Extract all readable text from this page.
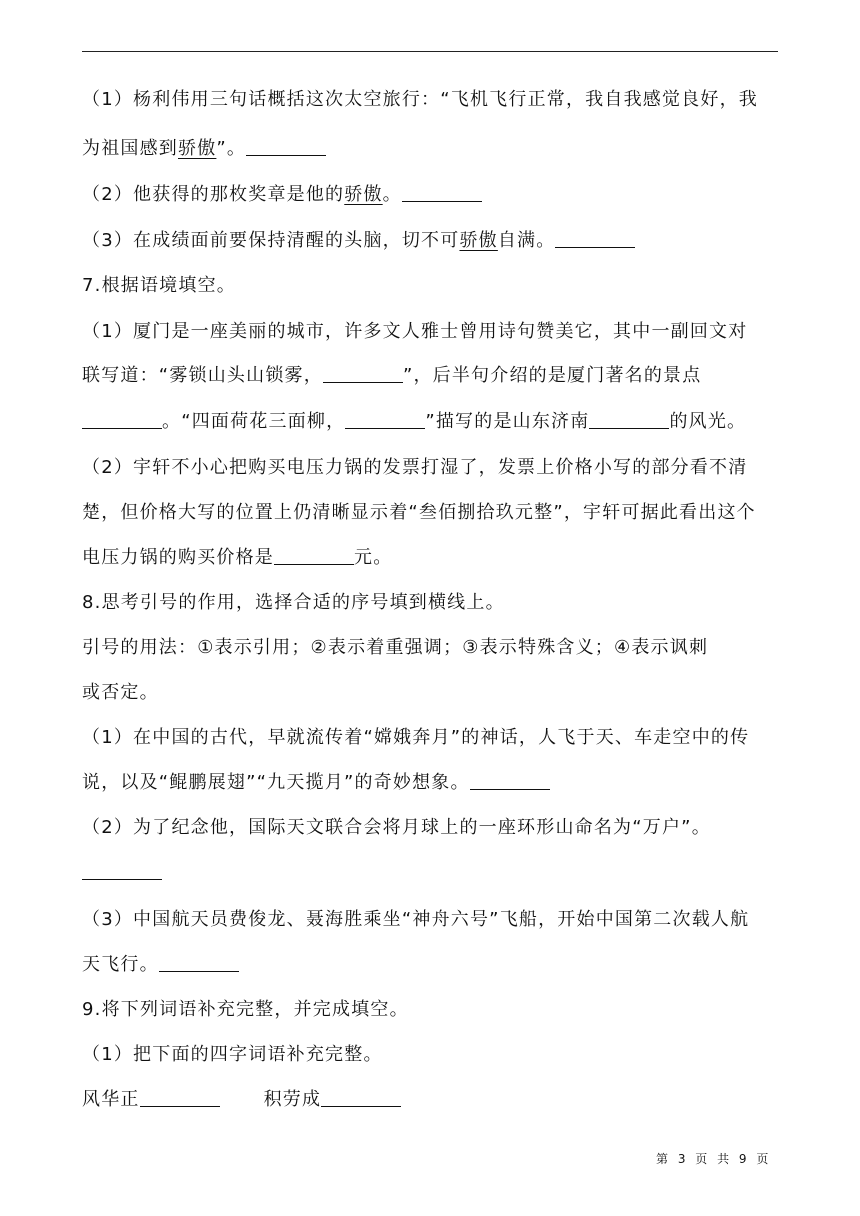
（1）杨利伟用三句话概括这次太空旅行：“飞机飞行正常，我自我感觉良好，我
为祖国感到骄傲”。
（2）他获得的那枚奖章是他的骄傲。
（3）在成绩面前要保持清醒的头脑，切不可骄傲自满。
7.根据语境填空。
（1）厦门是一座美丽的城市，许多文人雅士曾用诗句赞美它，其中一副回文对
联写道：“雾锁山头山锁雾，	”，后半句介绍的是厦门著名的景点
。“四面荷花三面柳，	”描写的是山东济南	的风光。
（2）宇轩不小心把购买电压力锅的发票打湿了，发票上价格小写的部分看不清
楚，但价格大写的位置上仍清晰显示着“叁佰捌拾玖元整”，宇轩可据此看出这个
电压力锅的购买价格是	元。
8.思考引号的作用，选择合适的序号填到横线上。
引号的用法：①表示引用；②表示着重强调；③表示特殊含义；④表示讽刺
或否定。
（1）在中国的古代，早就流传着“嫦娥奔月”的神话，人飞于天、车走空中的传
说，以及“鲲鹏展翅”“九天揽月”的奇妙想象。
（2）为了纪念他，国际天文联合会将月球上的一座环形山命名为“万户”。
（3）中国航天员费俊龙、聂海胜乘坐“神舟六号”飞船，开始中国第二次载人航
天飞行。
9.将下列词语补充完整，并完成填空。
（1）把下面的四字词语补充完整。
风华正	积劳成
第 3 页 共 9 页
